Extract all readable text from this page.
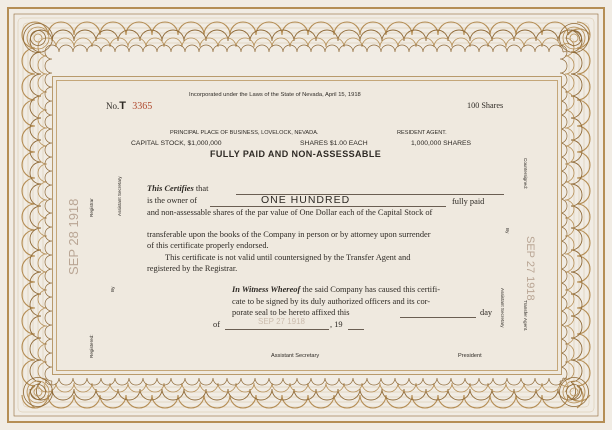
Incorporated under the Laws of the State of Nevada, April 15, 1918
No.T 3365	100 Shares
PRINCIPAL PLACE OF BUSINESS, LOVELOCK, NEVADA.	RESIDENT AGENT.
CAPITAL STOCK, $1,000,000	SHARES $1.00 EACH	1,000,000 SHARES
FULLY PAID AND NON-ASSESSABLE
This Certifies that
is the owner of	ONE HUNDRED	fully paid
and non-assessable shares of the par value of One Dollar each of the Capital Stock of
transferable upon the books of the Company in person or by attorney upon surrender
of this certificate properly endorsed.
This certificate is not valid until countersigned by the Transfer Agent and
registered by the Registrar.
In Witness Whereof the said Company has caused this certifi-
cate to be signed by its duly authorized officers and its cor-
porate seal to be hereto affixed this	day
of	, 19
Assistant Secretary	President
Registrar
Registered:
By
Assistant Secretary
Countersigned:
By
Transfer Agent.
Assistant Secretary
SEP 28 1918	SEP 27 1918
SEP 27 1918
